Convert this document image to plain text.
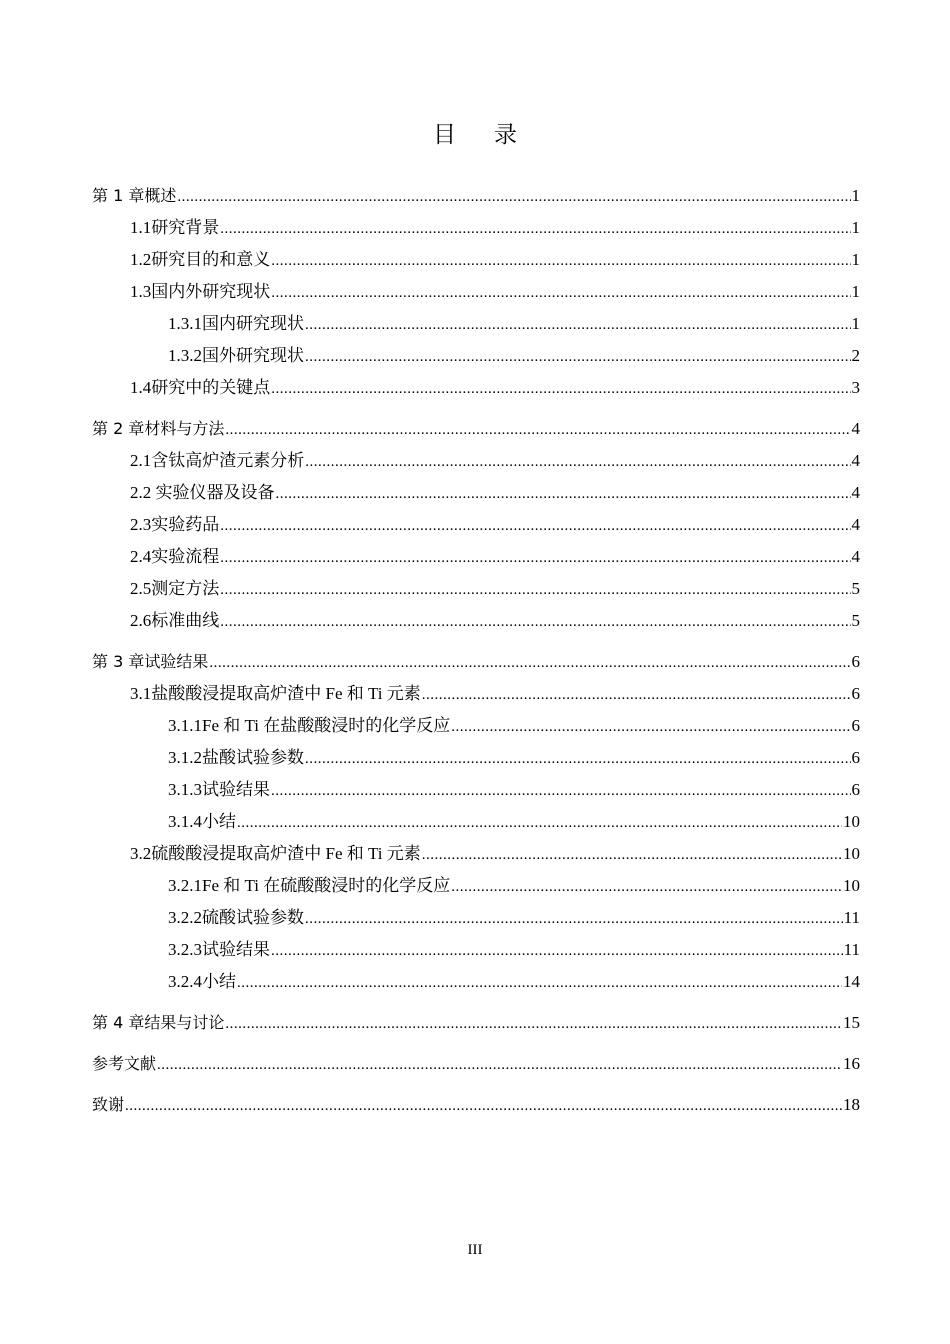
目录
第 1 章 概述 .....	1
1.1 研究背景 .....	1
1.2 研究目的和意义 .....	1
1.3 国内外研究现状 .....	1
1.3.1 国内研究现状 .....	1
1.3.2 国外研究现状 .....	2
1.4 研究中的关键点 .....	3
第 2 章 材料与方法 .....	4
2.1 含钛高炉渣元素分析 .....	4
2.2 实验仪器及设备 .....	4
2.3 实验药品 .....	4
2.4 实验流程 .....	4
2.5 测定方法 .....	5
2.6 标准曲线 .....	5
第 3 章 试验结果 .....	6
3.1 盐酸酸浸提取高炉渣中 Fe 和 Ti 元素 .....	6
3.1.1 Fe 和 Ti 在盐酸酸浸时的化学反应 .....	6
3.1.2 盐酸试验参数 .....	6
3.1.3 试验结果 .....	6
3.1.4 小结 .....	10
3.2 硫酸酸浸提取高炉渣中 Fe 和 Ti 元素 .....	10
3.2.1 Fe 和 Ti 在硫酸酸浸时的化学反应 .....	10
3.2.2 硫酸试验参数 .....	11
3.2.3 试验结果 .....	11
3.2.4 小结 .....	14
第 4 章 结果与讨论 .....	15
参考文献 .....	16
致谢 .....	18
III
